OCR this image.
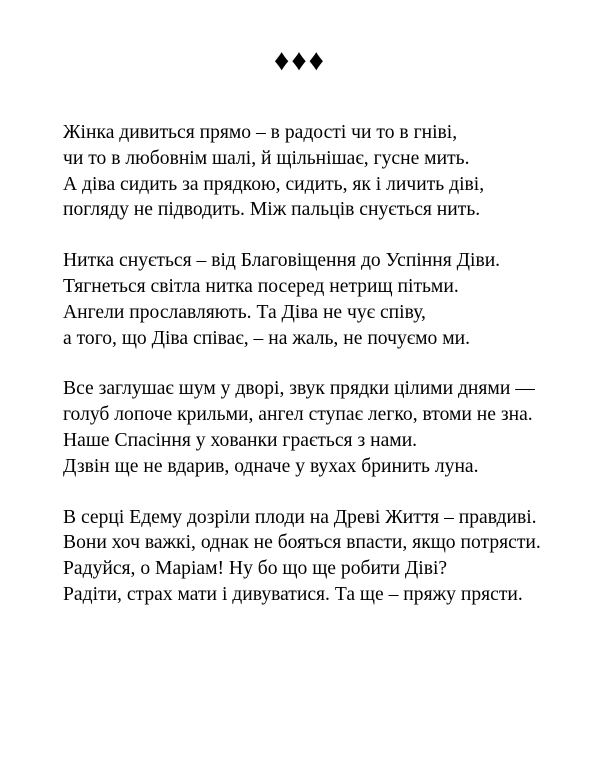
♦♦♦
Жінка дивиться прямо – в радості чи то в гніві,
чи то в любовнім шалі, й щільнішає, гусне мить.
А діва сидить за прядкою, сидить, як і личить діві,
погляду не підводить. Між пальців снується нить.
Нитка снується – від Благовіщення до Успіння Діви.
Тягнеться світла нитка посеред нетрищ пітьми.
Ангели прославляють. Та Діва не чує співу,
а того, що Діва співає, – на жаль, не почуємо ми.
Все заглушає шум у дворі, звук прядки цілими днями —
голуб лопоче крильми, ангел ступає легко, втоми не зна.
Наше Спасіння у хованки грається з нами.
Дзвін ще не вдарив, одначе у вухах бринить луна.
В серці Едему дозріли плоди на Древі Життя – правдиві.
Вони хоч важкі, однак не бояться впасти, якщо потрясти.
Радуйся, о Маріам! Ну бо що ще робити Діві?
Радіти, страх мати і дивуватися. Та ще – пряжу прясти.
